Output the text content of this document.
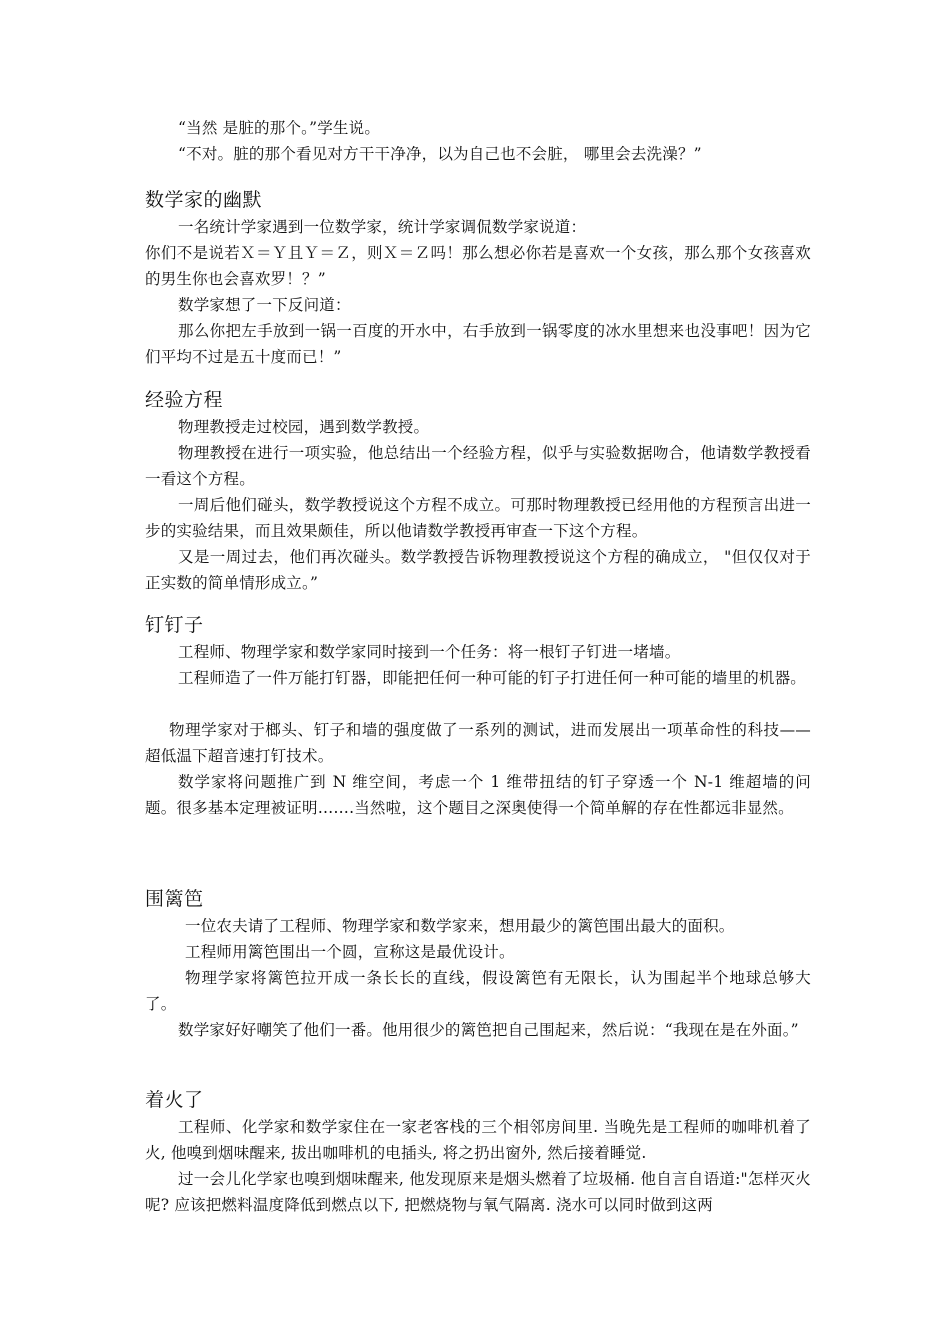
“当然 是脏的那个。”学生说。

“不对。脏的那个看见对方干干净净，以为自己也不会脏， 哪里会去洗澡？”

数学家的幽默

一名统计学家遇到一位数学家，统计学家调侃数学家说道：

你们不是说若Ｘ＝Ｙ且Ｙ＝Ｚ，则Ｘ＝Ｚ吗！那么想必你若是喜欢一个女孩，那么那个女孩喜欢的男生你也会喜欢罗！？”

数学家想了一下反问道：

那么你把左手放到一锅一百度的开水中，右手放到一锅零度的冰水里想来也没事吧！因为它们平均不过是五十度而已！”

经验方程

物理教授走过校园，遇到数学教授。

物理教授在进行一项实验，他总结出一个经验方程，似乎与实验数据吻合，他请数学教授看一看这个方程。

一周后他们碰头，数学教授说这个方程不成立。可那时物理教授已经用他的方程预言出进一步的实验结果，而且效果颇佳，所以他请数学教授再审查一下这个方程。

又是一周过去，他们再次碰头。数学教授告诉物理教授说这个方程的确成立， "但仅仅对于正实数的简单情形成立。”

钉钉子

工程师、物理学家和数学家同时接到一个任务：将一根钉子钉进一堵墙。

工程师造了一件万能打钉器，即能把任何一种可能的钉子打进任何一种可能的墙里的机器。

物理学家对于榔头、钉子和墙的强度做了一系列的测试，进而发展出一项革命性的科技—— 超低温下超音速打钉技术。

数学家将问题推广到 N 维空间，考虑一个 1 维带扭结的钉子穿透一个 N-1 维超墙的问题。很多基本定理被证明…….当然啦，这个题目之深奥使得一个简单解的存在性都远非显然。

围篱笆

一位农夫请了工程师、物理学家和数学家来，想用最少的篱笆围出最大的面积。

工程师用篱笆围出一个圆，宣称这是最优设计。

物理学家将篱笆拉开成一条长长的直线，假设篱笆有无限长，认为围起半个地球总够大了。

数学家好好嘲笑了他们一番。他用很少的篱笆把自己围起来，然后说：“我现在是在外面。”

着火了

工程师、化学家和数学家住在一家老客栈的三个相邻房间里. 当晚先是工程师的咖啡机着了火, 他嗅到烟味醒来, 拔出咖啡机的电插头, 将之扔出窗外, 然后接着睡觉.

过一会儿化学家也嗅到烟味醒来, 他发现原来是烟头燃着了垃圾桶. 他自言自语道:"怎样灭火呢? 应该把燃料温度降低到燃点以下, 把燃烧物与氧气隔离. 浇水可以同时做到这两
